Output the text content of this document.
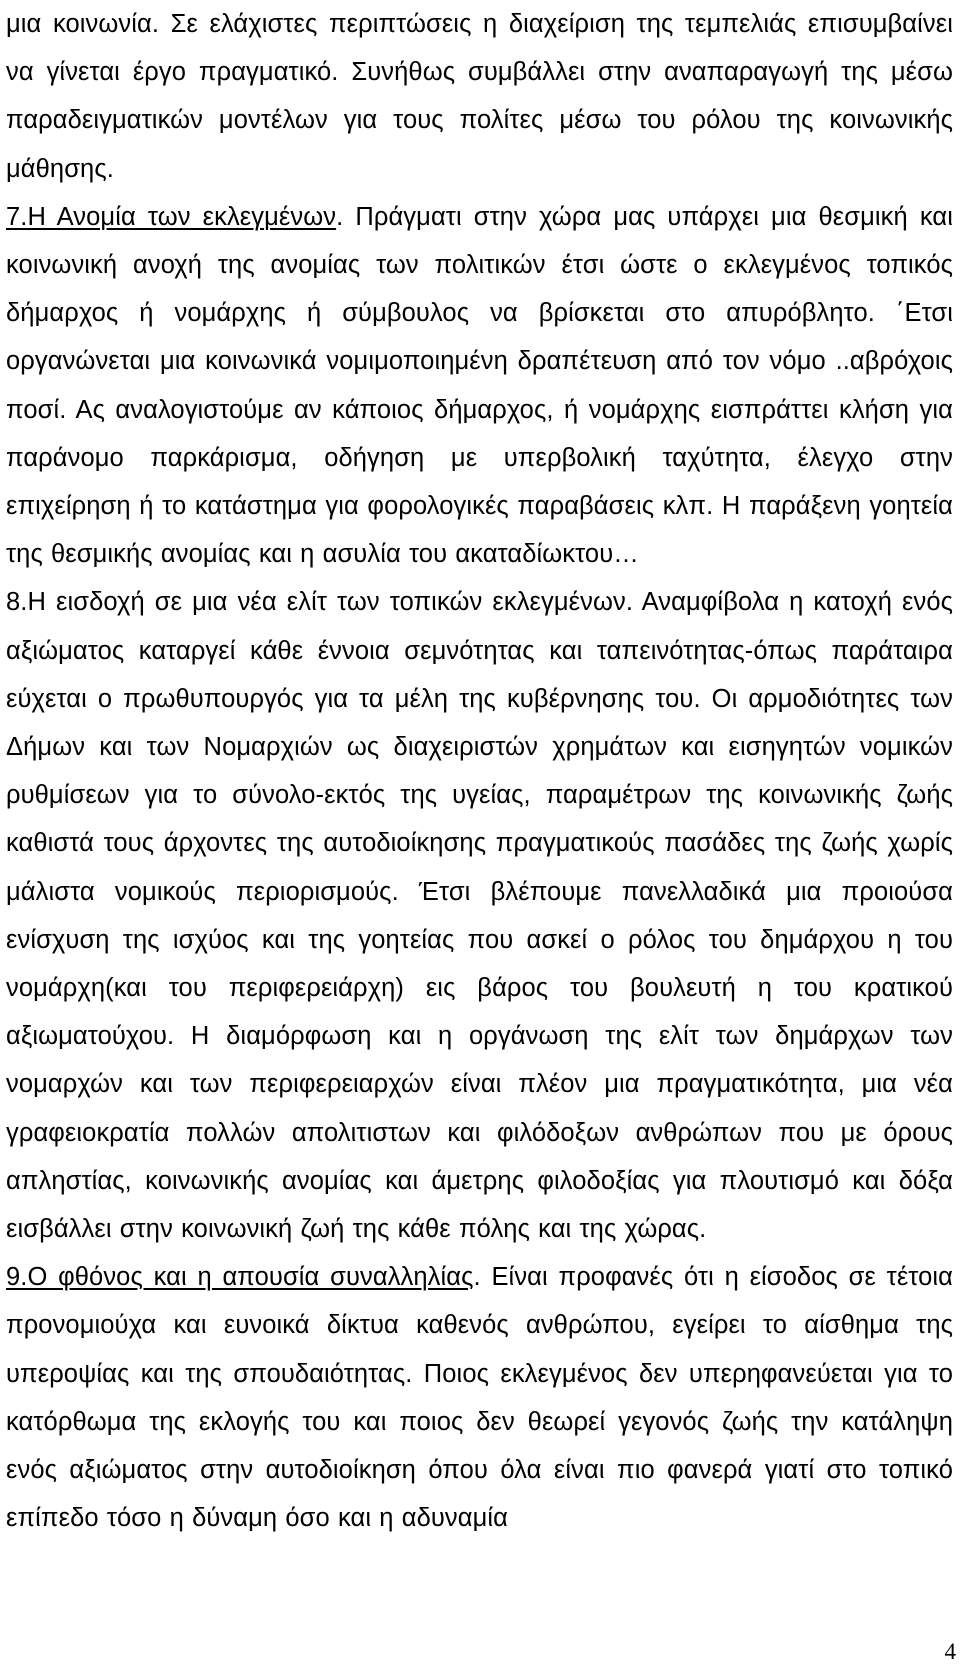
μια κοινωνία. Σε ελάχιστες περιπτώσεις η διαχείριση της τεμπελιάς επισυμβαίνει να γίνεται έργο πραγματικό. Συνήθως συμβάλλει στην αναπαραγωγή της μέσω παραδειγματικών μοντέλων για τους πολίτες μέσω του ρόλου της κοινωνικής μάθησης.

7.Η Ανομία των εκλεγμένων. Πράγματι στην χώρα μας υπάρχει μια θεσμική και κοινωνική ανοχή της ανομίας των πολιτικών έτσι ώστε ο εκλεγμένος τοπικός δήμαρχος ή νομάρχης ή σύμβουλος να βρίσκεται στο απυρόβλητο. ΄Ετσι οργανώνεται μια κοινωνικά νομιμοποιημένη δραπέτευση από τον νόμο ..αβρόχοις ποσί. Ας αναλογιστούμε αν κάποιος δήμαρχος, ή νομάρχης εισπράττει κλήση για παράνομο παρκάρισμα, οδήγηση με υπερβολική ταχύτητα, έλεγχο στην επιχείρηση ή το κατάστημα για φορολογικές παραβάσεις κλπ. Η παράξενη γοητεία της θεσμικής ανομίας και η ασυλία του ακαταδίωκτου…

8.Η εισδοχή σε μια νέα ελίτ των τοπικών εκλεγμένων. Αναμφίβολα η κατοχή ενός αξιώματος καταργεί κάθε έννοια σεμνότητας και ταπεινότητας-όπως παράταιρα εύχεται ο πρωθυπουργός για τα μέλη της κυβέρνησης του. Οι αρμοδιότητες των Δήμων και των Νομαρχιών ως διαχειριστών χρημάτων και εισηγητών νομικών ρυθμίσεων για το σύνολο-εκτός της υγείας, παραμέτρων της κοινωνικής ζωής καθιστά τους άρχοντες της αυτοδιοίκησης πραγματικούς πασάδες της ζωής χωρίς μάλιστα νομικούς περιορισμούς. Έτσι βλέπουμε πανελλαδικά μια προιούσα ενίσχυση της ισχύος και της γοητείας που ασκεί ο ρόλος του δημάρχου η του νομάρχη(και του περιφερειάρχη) εις βάρος του βουλευτή η του κρατικού αξιωματούχου. Η διαμόρφωση και η οργάνωση της ελίτ των δημάρχων των νομαρχών και των περιφερειαρχών είναι πλέον μια πραγματικότητα, μια νέα γραφειοκρατία πολλών απολιτιστων και φιλόδοξων ανθρώπων που με όρους απληστίας, κοινωνικής ανομίας και άμετρης φιλοδοξίας για πλουτισμό και δόξα εισβάλλει στην κοινωνική ζωή της κάθε πόλης και της χώρας.

9.Ο φθόνος και η απουσία συναλληλίας. Είναι προφανές ότι η είσοδος σε τέτοια προνομιούχα και ευνοικά δίκτυα καθενός ανθρώπου, εγείρει το αίσθημα της υπεροψίας και της σπουδαιότητας. Ποιος εκλεγμένος δεν υπερηφανεύεται για το κατόρθωμα της εκλογής του και ποιος δεν θεωρεί γεγονός ζωής την κατάληψη ενός αξιώματος στην αυτοδιοίκηση όπου όλα είναι πιο φανερά γιατί στο τοπικό επίπεδο τόσο η δύναμη όσο και η αδυναμία

4
